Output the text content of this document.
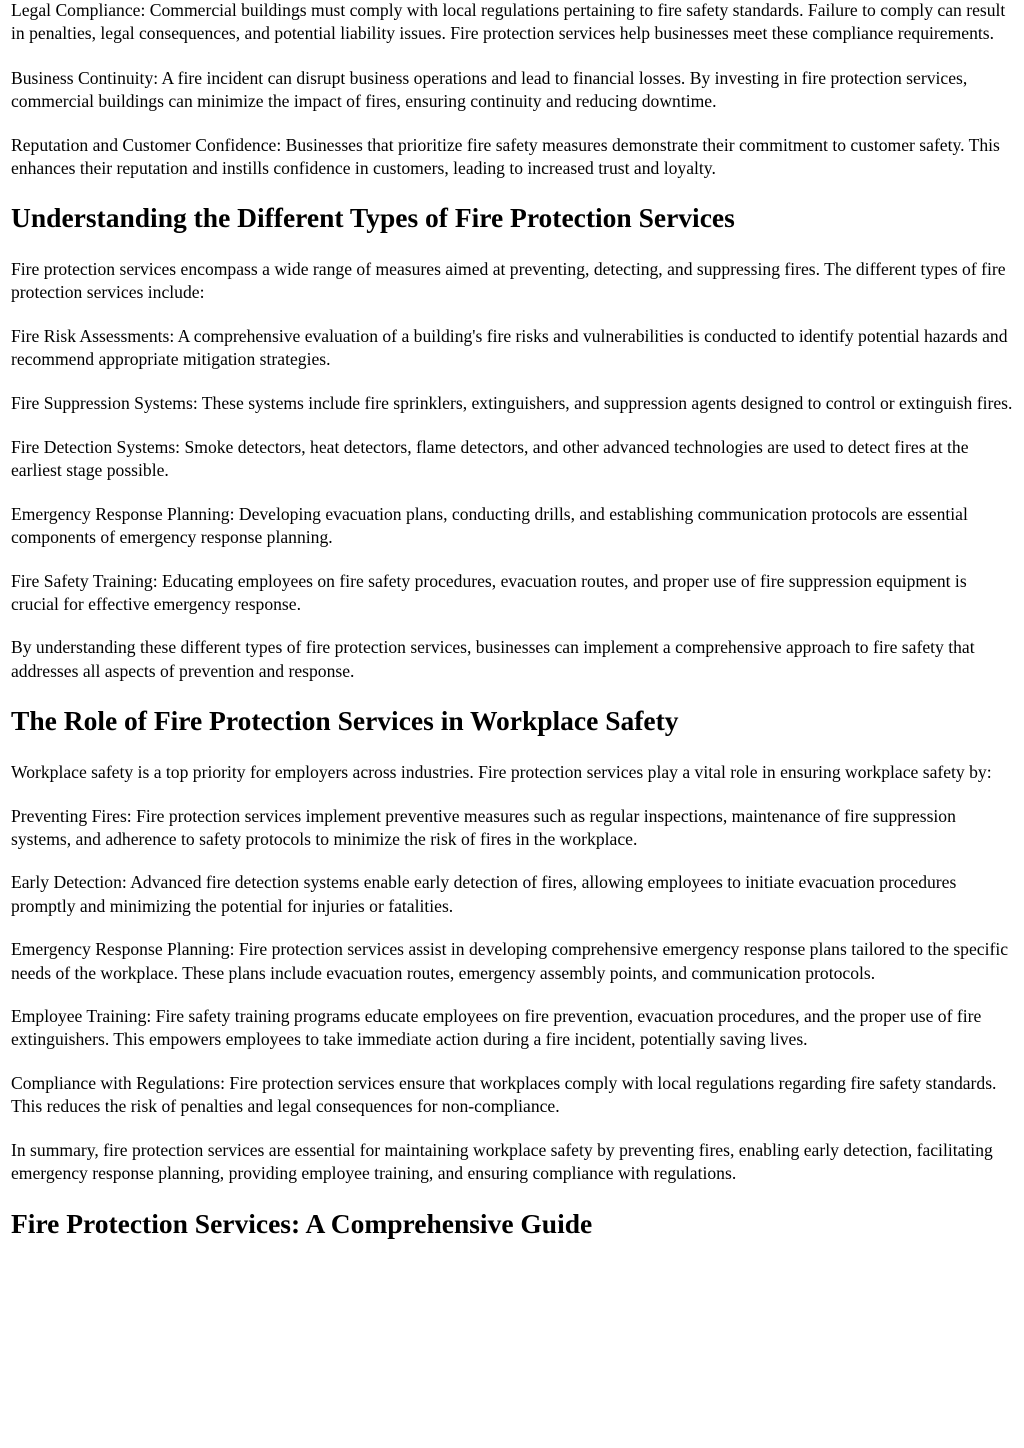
Legal Compliance: Commercial buildings must comply with local regulations pertaining to fire safety standards. Failure to comply can result in penalties, legal consequences, and potential liability issues. Fire protection services help businesses meet these compliance requirements.

Business Continuity: A fire incident can disrupt business operations and lead to financial losses. By investing in fire protection services, commercial buildings can minimize the impact of fires, ensuring continuity and reducing downtime.

Reputation and Customer Confidence: Businesses that prioritize fire safety measures demonstrate their commitment to customer safety. This enhances their reputation and instills confidence in customers, leading to increased trust and loyalty.

Understanding the Different Types of Fire Protection Services

Fire protection services encompass a wide range of measures aimed at preventing, detecting, and suppressing fires. The different types of fire protection services include:

Fire Risk Assessments: A comprehensive evaluation of a building's fire risks and vulnerabilities is conducted to identify potential hazards and recommend appropriate mitigation strategies.

Fire Suppression Systems: These systems include fire sprinklers, extinguishers, and suppression agents designed to control or extinguish fires.

Fire Detection Systems: Smoke detectors, heat detectors, flame detectors, and other advanced technologies are used to detect fires at the earliest stage possible.

Emergency Response Planning: Developing evacuation plans, conducting drills, and establishing communication protocols are essential components of emergency response planning.

Fire Safety Training: Educating employees on fire safety procedures, evacuation routes, and proper use of fire suppression equipment is crucial for effective emergency response.

By understanding these different types of fire protection services, businesses can implement a comprehensive approach to fire safety that addresses all aspects of prevention and response.

The Role of Fire Protection Services in Workplace Safety

Workplace safety is a top priority for employers across industries. Fire protection services play a vital role in ensuring workplace safety by:

Preventing Fires: Fire protection services implement preventive measures such as regular inspections, maintenance of fire suppression systems, and adherence to safety protocols to minimize the risk of fires in the workplace.

Early Detection: Advanced fire detection systems enable early detection of fires, allowing employees to initiate evacuation procedures promptly and minimizing the potential for injuries or fatalities.

Emergency Response Planning: Fire protection services assist in developing comprehensive emergency response plans tailored to the specific needs of the workplace. These plans include evacuation routes, emergency assembly points, and communication protocols.

Employee Training: Fire safety training programs educate employees on fire prevention, evacuation procedures, and the proper use of fire extinguishers. This empowers employees to take immediate action during a fire incident, potentially saving lives.

Compliance with Regulations: Fire protection services ensure that workplaces comply with local regulations regarding fire safety standards. This reduces the risk of penalties and legal consequences for non-compliance.

In summary, fire protection services are essential for maintaining workplace safety by preventing fires, enabling early detection, facilitating emergency response planning, providing employee training, and ensuring compliance with regulations.

Fire Protection Services: A Comprehensive Guide
